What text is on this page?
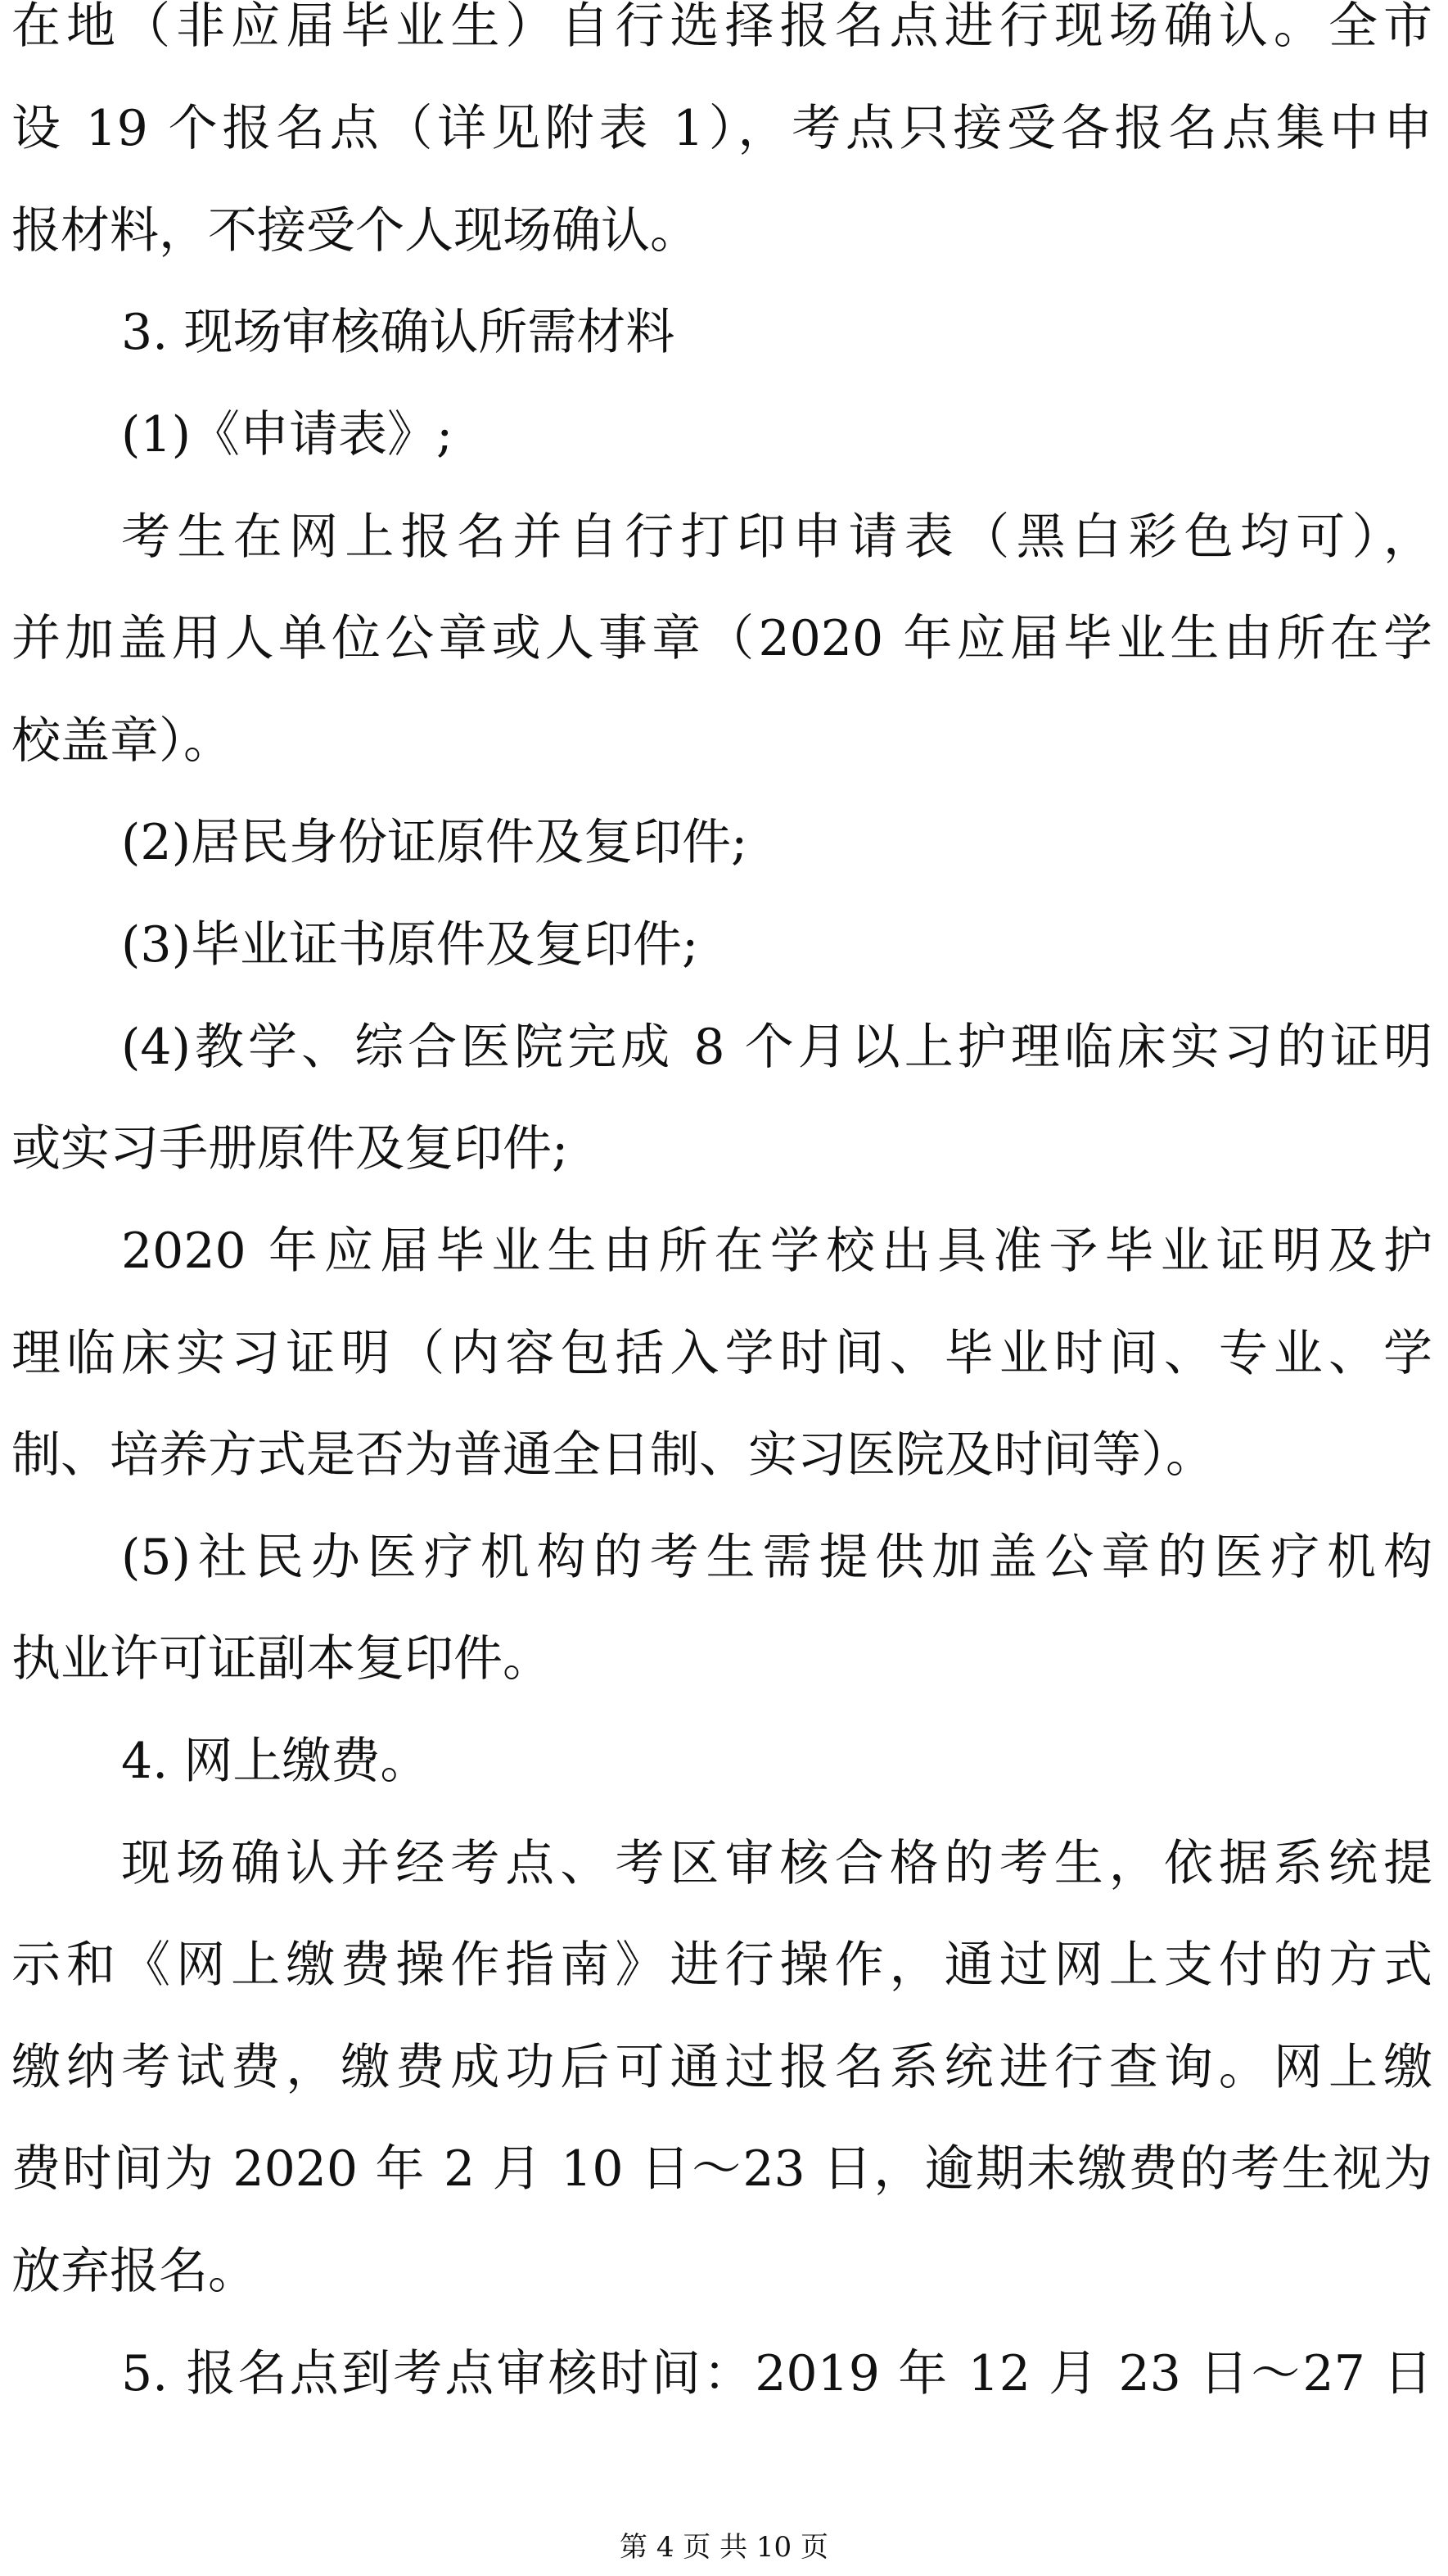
在地（非应届毕业生）自行选择报名点进行现场确认。全市
设 19 个报名点（详见附表 1），考点只接受各报名点集中申
报材料，不接受个人现场确认。
3. 现场审核确认所需材料
(1)《申请表》;
考生在网上报名并自行打印申请表（黑白彩色均可），
并加盖用人单位公章或人事章（2020 年应届毕业生由所在学
校盖章）。
(2)居民身份证原件及复印件;
(3)毕业证书原件及复印件;
(4)教学、综合医院完成 8 个月以上护理临床实习的证明
或实习手册原件及复印件;
2020 年应届毕业生由所在学校出具准予毕业证明及护
理临床实习证明（内容包括入学时间、毕业时间、专业、学
制、培养方式是否为普通全日制、实习医院及时间等）。
(5)社民办医疗机构的考生需提供加盖公章的医疗机构
执业许可证副本复印件。
4. 网上缴费。
现场确认并经考点、考区审核合格的考生，依据系统提
示和《网上缴费操作指南》进行操作，通过网上支付的方式
缴纳考试费，缴费成功后可通过报名系统进行查询。网上缴
费时间为 2020 年 2 月 10 日～23 日，逾期未缴费的考生视为
放弃报名。
5. 报名点到考点审核时间：2019 年 12 月 23 日～27 日
第 4 页 共 10 页
